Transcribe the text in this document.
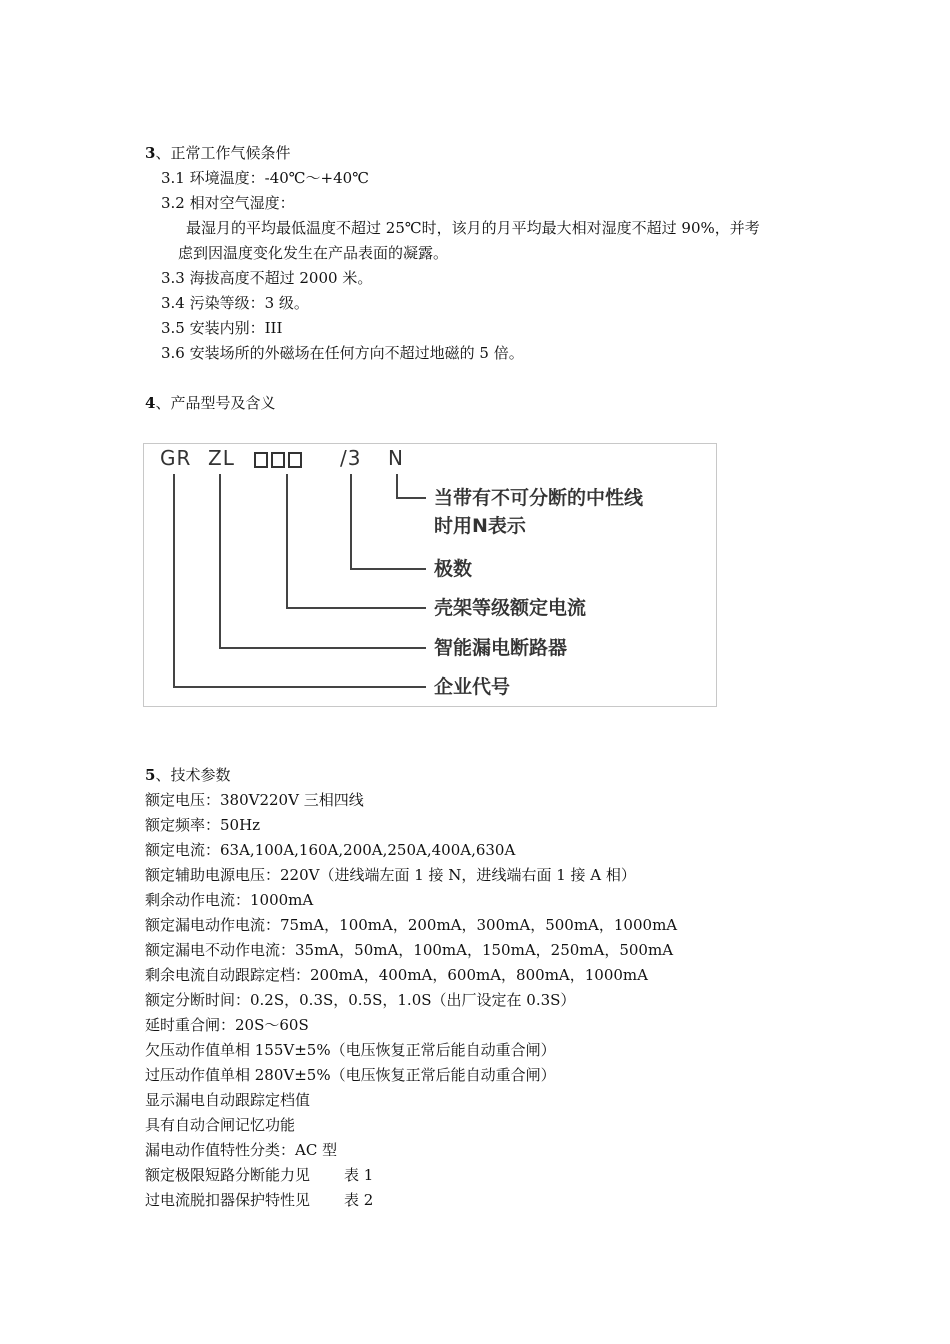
3、正常工作气候条件
3.1 环境温度：-40℃～+40℃
3.2 相对空气湿度：
最湿月的平均最低温度不超过 25℃时，该月的月平均最大相对湿度不超过 90%，并考
虑到因温度变化发生在产品表面的凝露。
3.3 海拔高度不超过 2000 米。
3.4 污染等级：3 级。
3.5 安装内别：III
3.6 安装场所的外磁场在任何方向不超过地磁的 5 倍。
4、产品型号及含义
GR ZL	/3 N
当带有不可分断的中性线
时用N表示
极数
壳架等级额定电流
智能漏电断路器
企业代号
5、技术参数
额定电压：380V220V 三相四线
额定频率：50Hz
额定电流：63A,100A,160A,200A,250A,400A,630A
额定辅助电源电压：220V（进线端左面 1 接 N，进线端右面 1 接 A 相）
剩余动作电流：1000mA
额定漏电动作电流：75mA，100mA，200mA，300mA，500mA，1000mA
额定漏电不动作电流：35mA，50mA，100mA，150mA，250mA，500mA
剩余电流自动跟踪定档：200mA，400mA，600mA，800mA，1000mA
额定分断时间：0.2S，0.3S，0.5S，1.0S（出厂设定在 0.3S）
延时重合闸：20S～60S
欠压动作值单相 155V±5%（电压恢复正常后能自动重合闸）
过压动作值单相 280V±5%（电压恢复正常后能自动重合闸）
显示漏电自动跟踪定档值
具有自动合闸记忆功能
漏电动作值特性分类：AC 型
额定极限短路分断能力见 表 1
过电流脱扣器保护特性见 表 2
